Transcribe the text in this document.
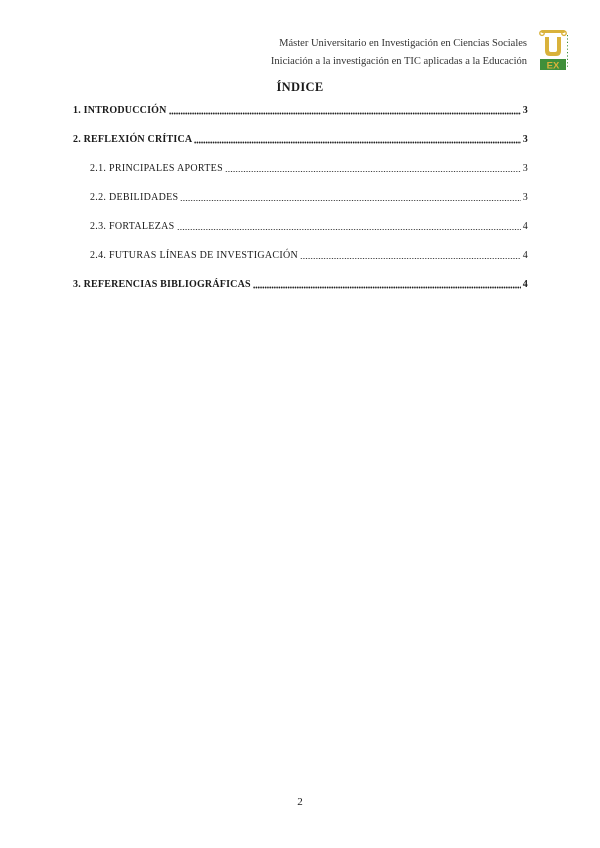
Máster Universitario en Investigación en Ciencias Sociales
Iniciación a la investigación en TIC aplicadas a la Educación EX
ÍNDICE
1. INTRODUCCIÓN	3
2. REFLEXIÓN CRÍTICA	3
2.1. PRINCIPALES APORTES	3
2.2. DEBILIDADES	3
2.3. FORTALEZAS	4
2.4. FUTURAS LÍNEAS DE INVESTIGACIÓN	4
3. REFERENCIAS BIBLIOGRÁFICAS	4
2
